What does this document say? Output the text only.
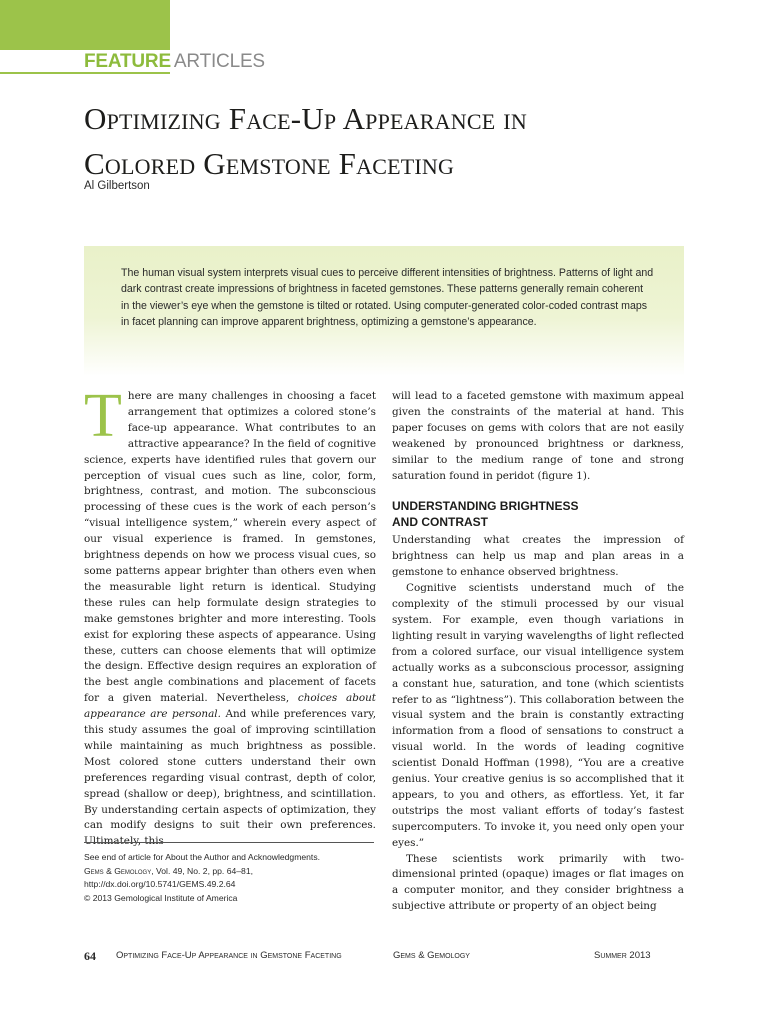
FEATURE ARTICLES
Optimizing Face-Up Appearance in
Colored Gemstone Faceting
Al Gilbertson

The human visual system interprets visual cues to perceive different intensities of brightness. Patterns of light and dark contrast create impressions of brightness in faceted gemstones. These patterns generally remain coherent in the viewer’s eye when the gemstone is tilted or rotated. Using computer-generated color-coded contrast maps in facet planning can improve apparent brightness, optimizing a gemstone’s appearance.

There are many challenges in choosing a facet arrangement that optimizes a colored stone’s face-up appearance. What contributes to an attractive appearance? In the field of cognitive science, experts have identified rules that govern our perception of visual cues such as line, color, form, brightness, contrast, and motion. The subconscious processing of these cues is the work of each person’s “visual intelligence system,” wherein every aspect of our visual experience is framed. In gemstones, brightness depends on how we process visual cues, so some patterns appear brighter than others even when the measurable light return is identical. Studying these rules can help formulate design strategies to make gemstones brighter and more interesting. Tools exist for exploring these aspects of appearance. Using these, cutters can choose elements that will optimize the design. Effective design requires an exploration of the best angle combinations and placement of facets for a given material. Nevertheless, choices about appearance are personal. And while preferences vary, this study assumes the goal of improving scintillation while maintaining as much brightness as possible. Most colored stone cutters understand their own preferences regarding visual contrast, depth of color, spread (shallow or deep), brightness, and scintillation. By understanding certain aspects of optimization, they can modify designs to suit their own preferences.

will lead to a faceted gemstone with maximum appeal given the constraints of the material at hand. This paper focuses on gems with colors that are not easily weakened by pronounced brightness or darkness, similar to the medium range of tone and strong saturation found in peridot (figure 1).

UNDERSTANDING BRIGHTNESS
AND CONTRAST

Understanding what creates the impression of brightness can help us map and plan areas in a gemstone to enhance observed brightness.

Cognitive scientists understand much of the complexity of the stimuli processed by our visual system. For example, even though variations in lighting result in varying wavelengths of light reflected from a colored surface, our visual intelligence system actually works as a subconscious processor, assigning a constant hue, saturation, and tone (which scientists refer to as “lightness”). This collaboration between the visual system and the brain is constantly extracting information from a flood of sensations to construct a visual world. In the words of leading cognitive scientist Donald Hoffman (1998), “You are a creative genius. Your creative genius is so accomplished that it appears, to you and others, as effortless. Yet, it far outstrips the most valiant efforts of today’s fastest supercomputers. To invoke it, you need only open your eyes.”

These scientists work primarily with two-dimensional printed (opaque) images or flat images on a computer monitor, and they consider brightness a subjective attribute or property of an object being

See end of article for About the Author and Acknowledgments.
Gems & Gemology, Vol. 49, No. 2, pp. 64–81,
http://dx.doi.org/10.5741/GEMS.49.2.64
© 2013 Gemological Institute of America
64 Optimizing Face-Up Appearance in Gemstone Faceting	Gems & Gemology	Summer 2013
